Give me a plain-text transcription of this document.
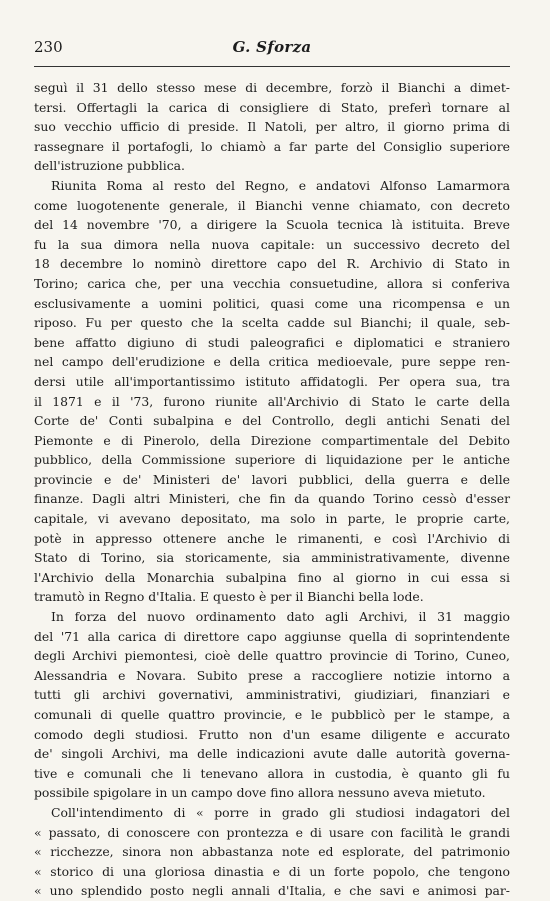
230	G. Sforza
seguì il 31 dello stesso mese di decembre, forzò il Bianchi a dimet-
tersi. Offertagli la carica di consigliere di Stato, preferì tornare al
suo vecchio ufficio di preside. Il Natoli, per altro, il giorno prima di
rassegnare il portafogli, lo chiamò a far parte del Consiglio superiore
dell'istruzione pubblica.
Riunita Roma al resto del Regno, e andatovi Alfonso Lamarmora
come luogotenente generale, il Bianchi venne chiamato, con decreto
del 14 novembre '70, a dirigere la Scuola tecnica là istituita. Breve
fu la sua dimora nella nuova capitale: un successivo decreto del
18 decembre lo nominò direttore capo del R. Archivio di Stato in
Torino; carica che, per una vecchia consuetudine, allora si conferiva
esclusivamente a uomini politici, quasi come una ricompensa e un
riposo. Fu per questo che la scelta cadde sul Bianchi; il quale, seb-
bene affatto digiuno di studi paleografici e diplomatici e straniero
nel campo dell'erudizione e della critica medioevale, pure seppe ren-
dersi utile all'importantissimo istituto affidatogli. Per opera sua, tra
il 1871 e il '73, furono riunite all'Archivio di Stato le carte della
Corte de' Conti subalpina e del Controllo, degli antichi Senati del
Piemonte e di Pinerolo, della Direzione compartimentale del Debito
pubblico, della Commissione superiore di liquidazione per le antiche
provincie e de' Ministeri de' lavori pubblici, della guerra e delle
finanze. Dagli altri Ministeri, che fin da quando Torino cessò d'esser
capitale, vi avevano depositato, ma solo in parte, le proprie carte,
potè in appresso ottenere anche le rimanenti, e così l'Archivio di
Stato di Torino, sia storicamente, sia amministrativamente, divenne
l'Archivio della Monarchia subalpina fino al giorno in cui essa si
tramutò in Regno d'Italia. E questo è per il Bianchi bella lode.
In forza del nuovo ordinamento dato agli Archivi, il 31 maggio
del '71 alla carica di direttore capo aggiunse quella di soprintendente
degli Archivi piemontesi, cioè delle quattro provincie di Torino, Cuneo,
Alessandria e Novara. Subito prese a raccogliere notizie intorno a
tutti gli archivi governativi, amministrativi, giudiziari, finanziari e
comunali di quelle quattro provincie, e le pubblicò per le stampe, a
comodo degli studiosi. Frutto non d'un esame diligente e accurato
de' singoli Archivi, ma delle indicazioni avute dalle autorità governa-
tive e comunali che li tenevano allora in custodia, è quanto gli fu
possibile spigolare in un campo dove fino allora nessuno aveva mietuto.
Coll'intendimento di « porre in grado gli studiosi indagatori del
« passato, di conoscere con prontezza e di usare con facilità le grandi
« ricchezze, sinora non abbastanza note ed esplorate, del patrimonio
« storico di una gloriosa dinastia e di un forte popolo, che tengono
« uno splendido posto negli annali d'Italia, e che savi e animosi par-
